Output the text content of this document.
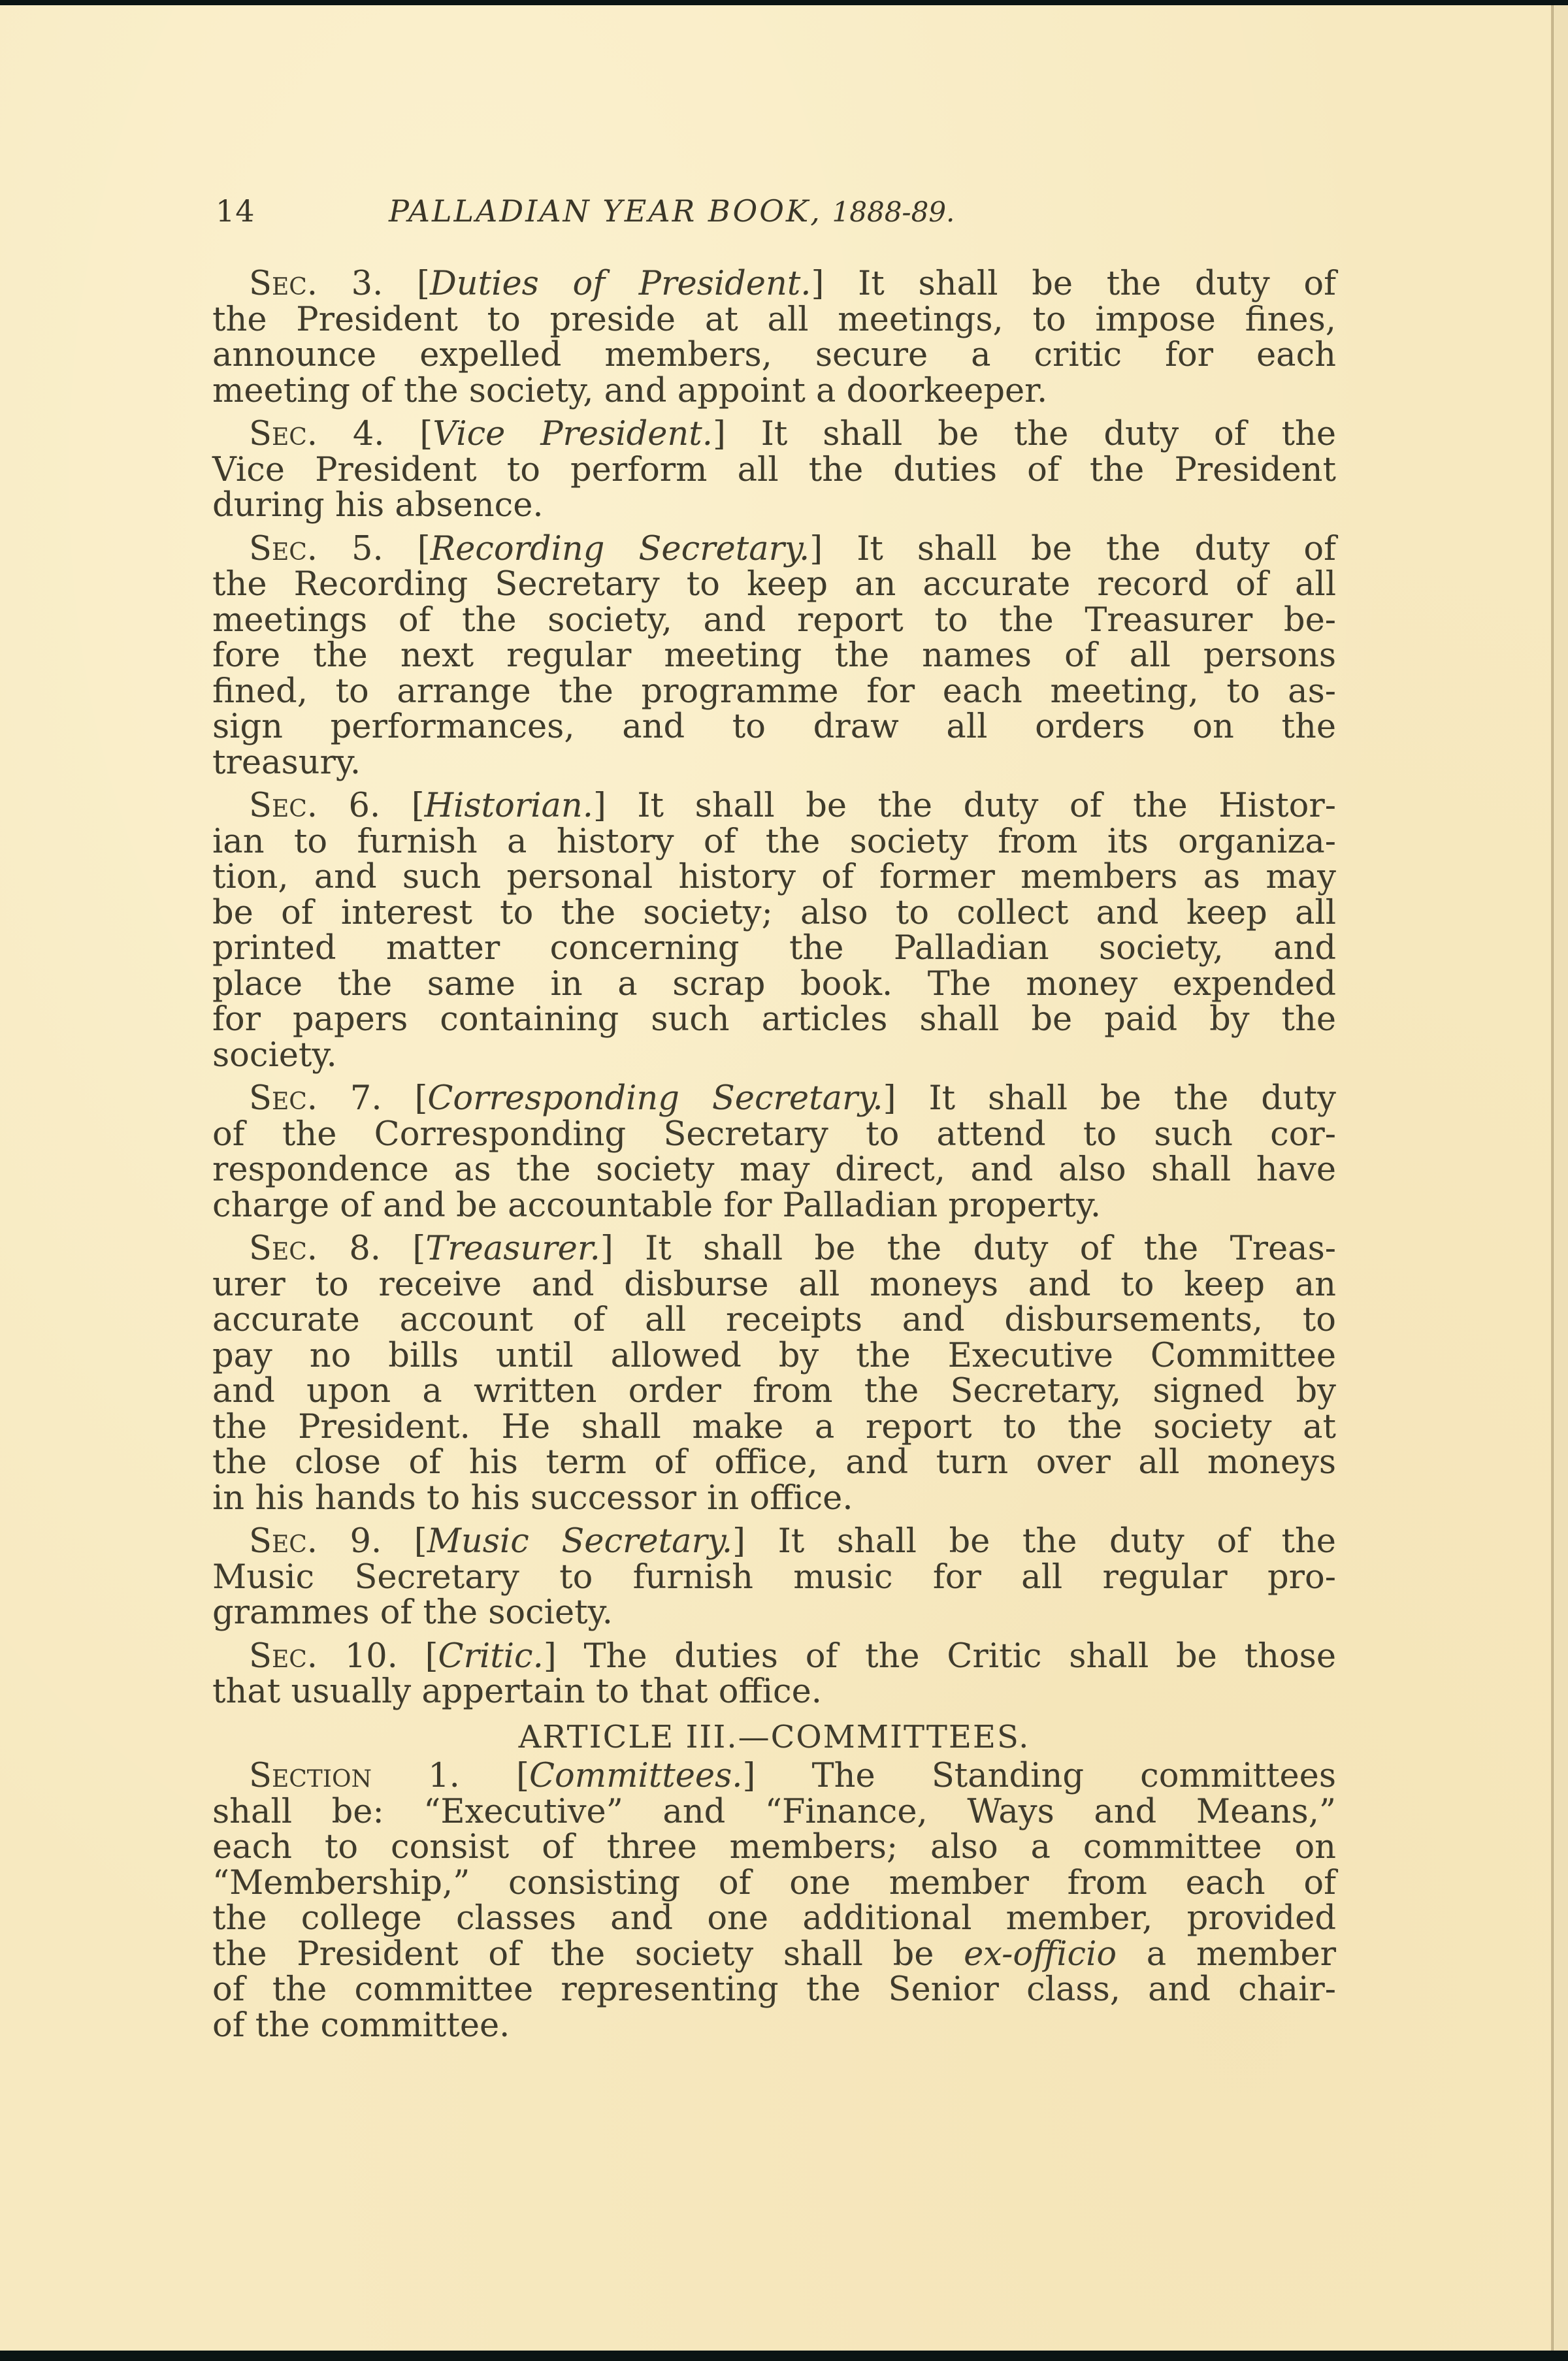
14	PALLADIAN YEAR BOOK, 1888-89.
Sec. 3. [Duties of President.] It shall be the duty of
the President to preside at all meetings, to impose fines,
announce expelled members, secure a critic for each
meeting of the society, and appoint a doorkeeper.
Sec. 4. [Vice President.] It shall be the duty of the
Vice President to perform all the duties of the President
during his absence.
Sec. 5. [Recording Secretary.] It shall be the duty of
the Recording Secretary to keep an accurate record of all
meetings of the society, and report to the Treasurer be-
fore the next regular meeting the names of all persons
fined, to arrange the programme for each meeting, to as-
sign performances, and to draw all orders on the
treasury.
Sec. 6. [Historian.] It shall be the duty of the Histor-
ian to furnish a history of the society from its organiza-
tion, and such personal history of former members as may
be of interest to the society; also to collect and keep all
printed matter concerning the Palladian society, and
place the same in a scrap book. The money expended
for papers containing such articles shall be paid by the
society.
Sec. 7. [Corresponding Secretary.] It shall be the duty
of the Corresponding Secretary to attend to such cor-
respondence as the society may direct, and also shall have
charge of and be accountable for Palladian property.
Sec. 8. [Treasurer.] It shall be the duty of the Treas-
urer to receive and disburse all moneys and to keep an
accurate account of all receipts and disbursements, to
pay no bills until allowed by the Executive Committee
and upon a written order from the Secretary, signed by
the President. He shall make a report to the society at
the close of his term of office, and turn over all moneys
in his hands to his successor in office.
Sec. 9. [Music Secretary.] It shall be the duty of the
Music Secretary to furnish music for all regular pro-
grammes of the society.
Sec. 10. [Critic.] The duties of the Critic shall be those
that usually appertain to that office.
ARTICLE III.—COMMITTEES.
Section 1. [Committees.] The Standing committees
shall be: “Executive” and “Finance, Ways and Means,”
each to consist of three members; also a committee on
“Membership,” consisting of one member from each of
the college classes and one additional member, provided
the President of the society shall be ex-officio a member
of the committee representing the Senior class, and chair-
of the committee.
